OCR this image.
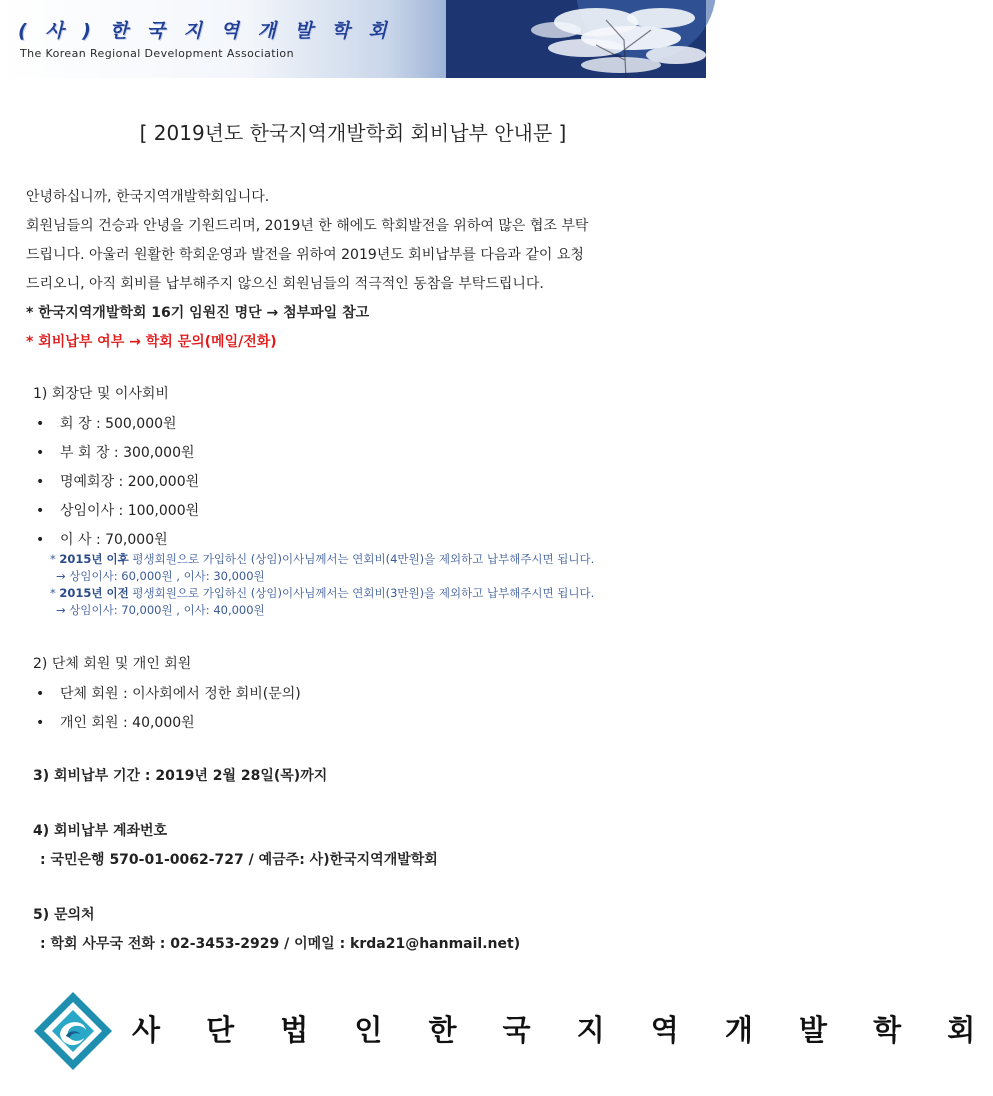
( 사 ) 한 국 지 역 개 발 학 회
The Korean Regional Development Association
[ 2019년도 한국지역개발학회 회비납부 안내문 ]
안녕하십니까, 한국지역개발학회입니다.
회원님들의 건승과 안녕을 기원드리며, 2019년 한 해에도 학회발전을 위하여 많은 협조 부탁
드립니다. 아울러 원활한 학회운영과 발전을 위하여 2019년도 회비납부를 다음과 같이 요청
드리오니, 아직 회비를 납부해주지 않으신 회원님들의 적극적인 동참을 부탁드립니다.
* 한국지역개발학회 16기 임원진 명단 → 첨부파일 참고
* 회비납부 여부 → 학회 문의(메일/전화)
1) 회장단 및 이사회비
• 회 장 : 500,000원
• 부 회 장 : 300,000원
• 명예회장 : 200,000원
• 상임이사 : 100,000원
• 이 사 : 70,000원
* 2015년 이후 평생회원으로 가입하신 (상임)이사님께서는 연회비(4만원)을 제외하고 납부해주시면 됩니다.
→ 상임이사: 60,000원 , 이사: 30,000원
* 2015년 이전 평생회원으로 가입하신 (상임)이사님께서는 연회비(3만원)을 제외하고 납부해주시면 됩니다.
→ 상임이사: 70,000원 , 이사: 40,000원
2) 단체 회원 및 개인 회원
• 단체 회원 : 이사회에서 정한 회비(문의)
• 개인 회원 : 40,000원
3) 회비납부 기간 : 2019년 2월 28일(목)까지
4) 회비납부 계좌번호
: 국민은행 570-01-0062-727 / 예금주: 사)한국지역개발학회
5) 문의처
: 학회 사무국 전화 : 02-3453-2929 / 이메일 : krda21@hanmail.net)
사 단 법 인 한 국 지 역 개 발 학 회
